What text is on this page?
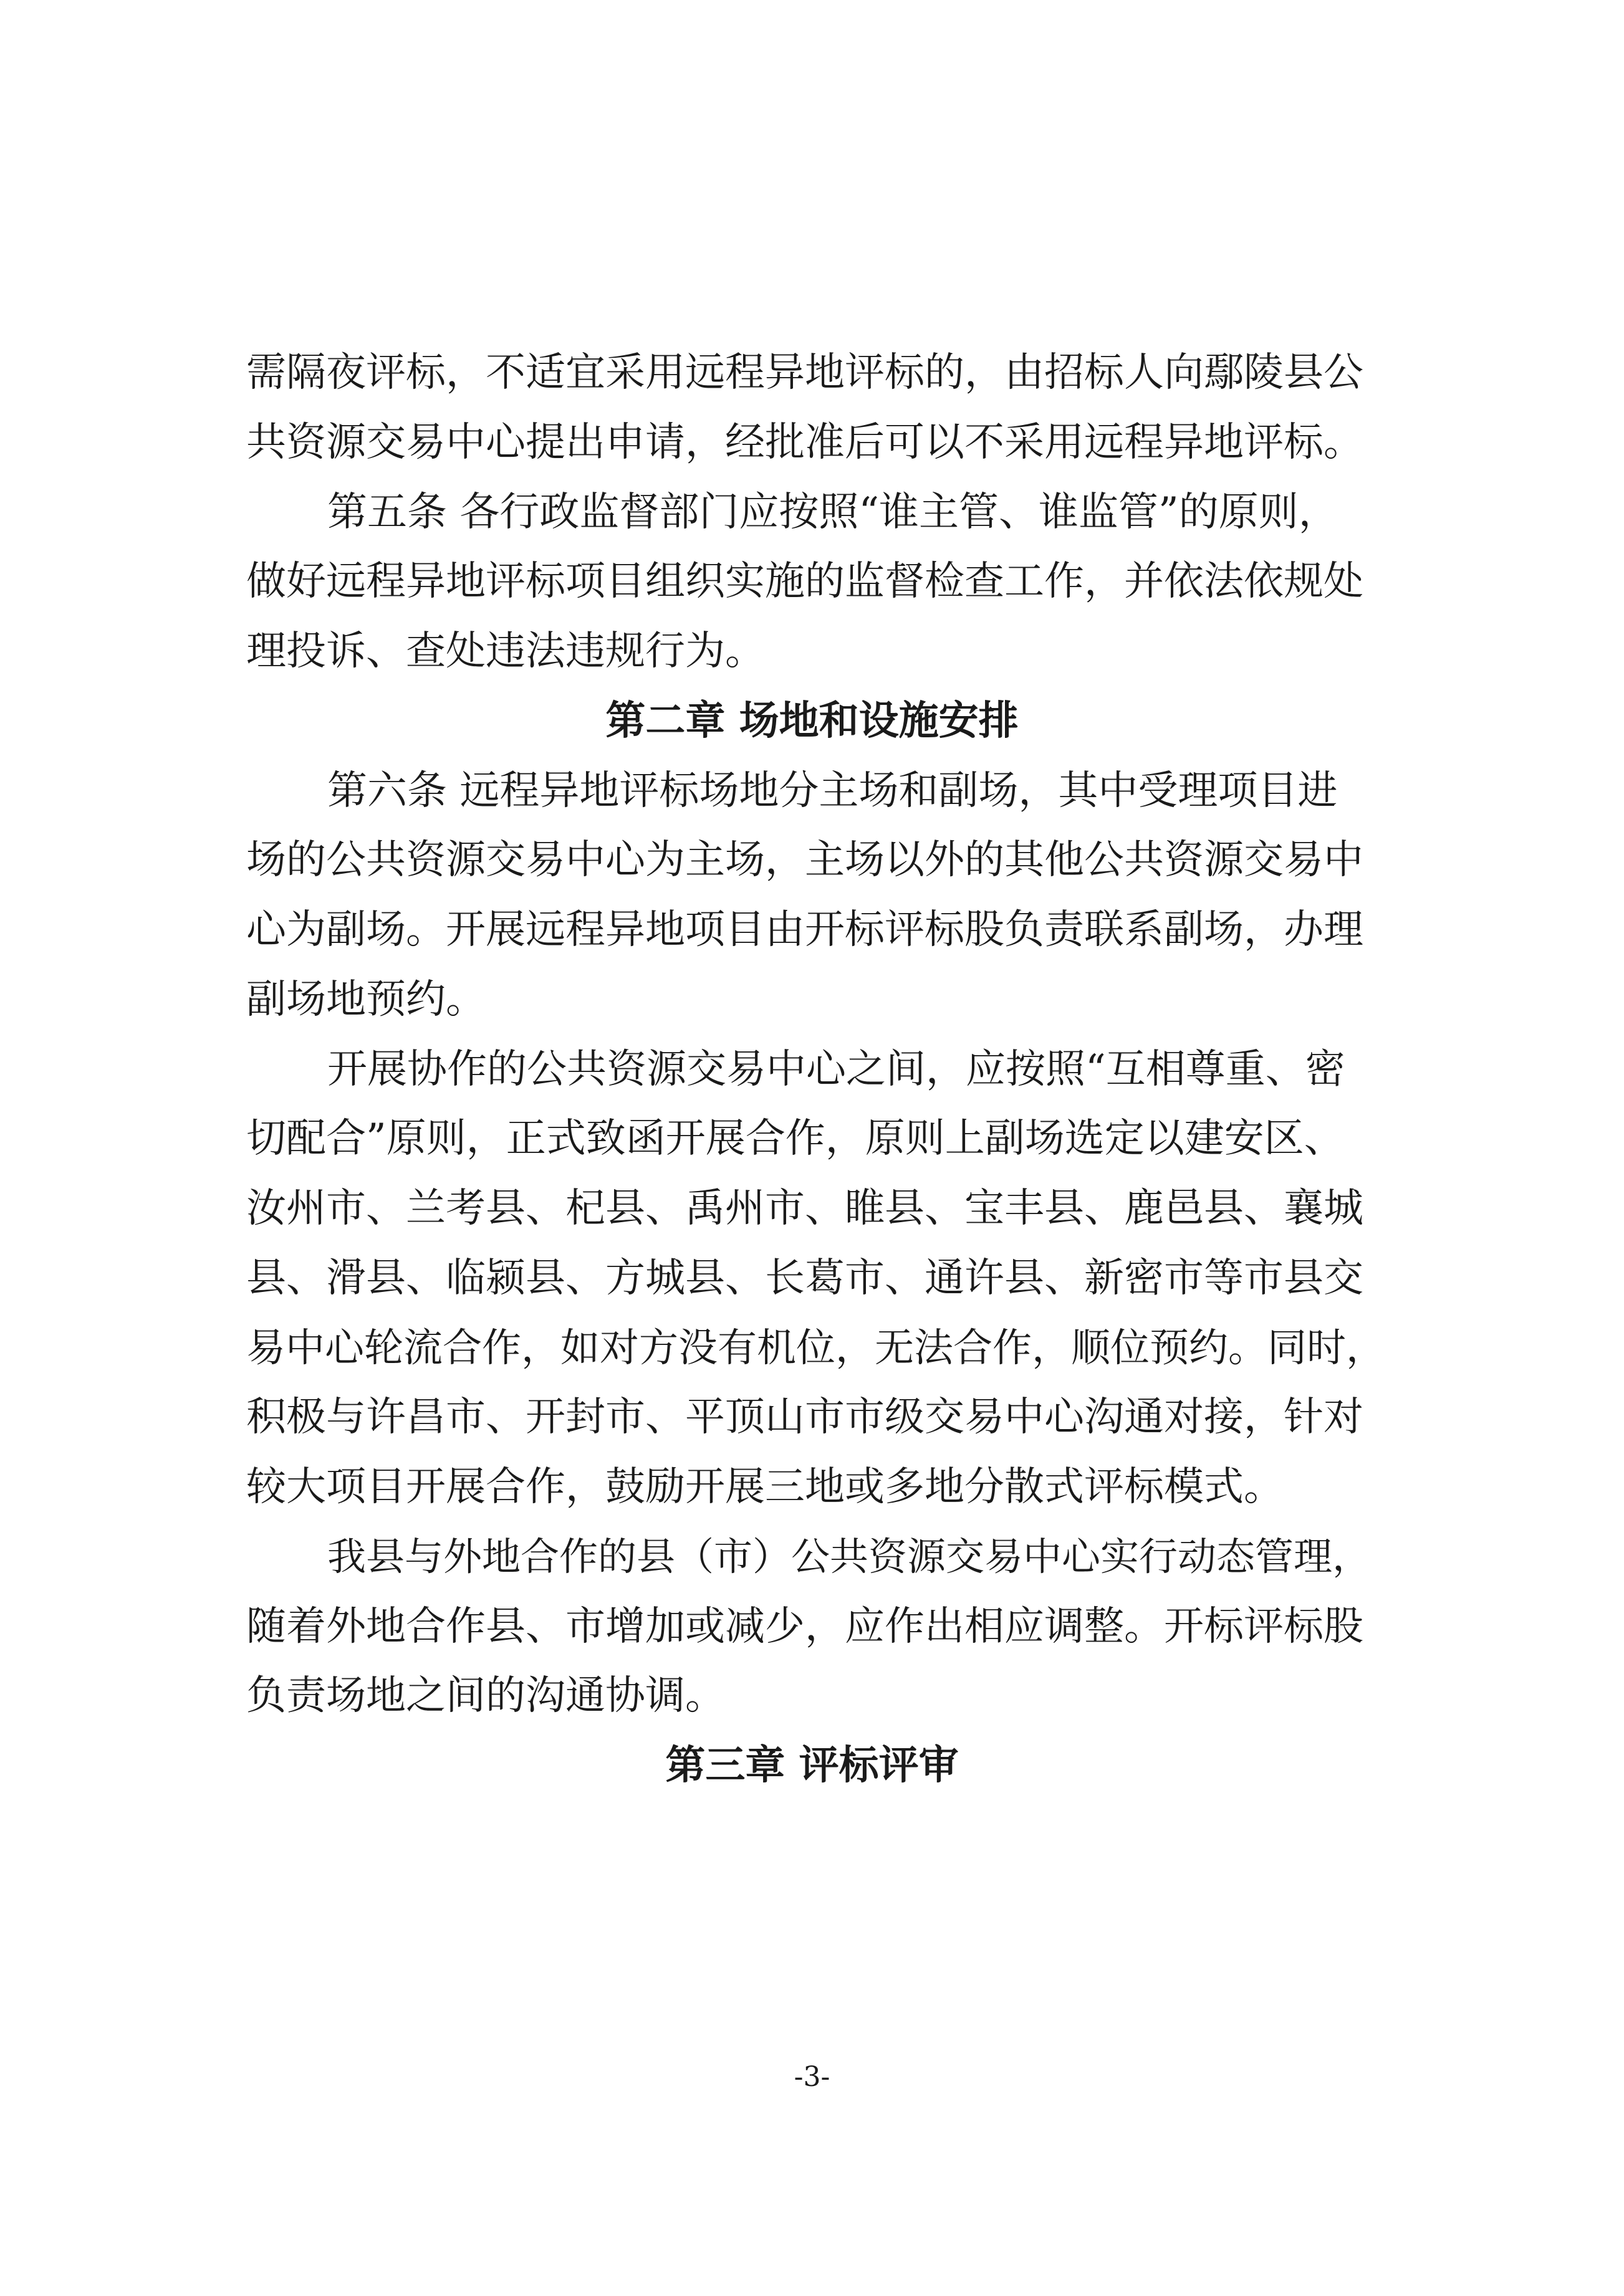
需隔夜评标，不适宜采用远程异地评标的，由招标人向鄢陵县公
共资源交易中心提出申请，经批准后可以不采用远程异地评标。
第五条 各行政监督部门应按照“谁主管、谁监管”的原则，
做好远程异地评标项目组织实施的监督检查工作，并依法依规处
理投诉、查处违法违规行为。
第二章 场地和设施安排
第六条 远程异地评标场地分主场和副场，其中受理项目进
场的公共资源交易中心为主场，主场以外的其他公共资源交易中
心为副场。开展远程异地项目由开标评标股负责联系副场，办理
副场地预约。
开展协作的公共资源交易中心之间，应按照“互相尊重、密
切配合”原则，正式致函开展合作，原则上副场选定以建安区、
汝州市、兰考县、杞县、禹州市、睢县、宝丰县、鹿邑县、襄城
县、滑县、临颍县、方城县、长葛市、通许县、新密市等市县交
易中心轮流合作，如对方没有机位，无法合作，顺位预约。同时，
积极与许昌市、开封市、平顶山市市级交易中心沟通对接，针对
较大项目开展合作，鼓励开展三地或多地分散式评标模式。
我县与外地合作的县（市）公共资源交易中心实行动态管理，
随着外地合作县、市增加或减少，应作出相应调整。开标评标股
负责场地之间的沟通协调。
第三章 评标评审
-3-
